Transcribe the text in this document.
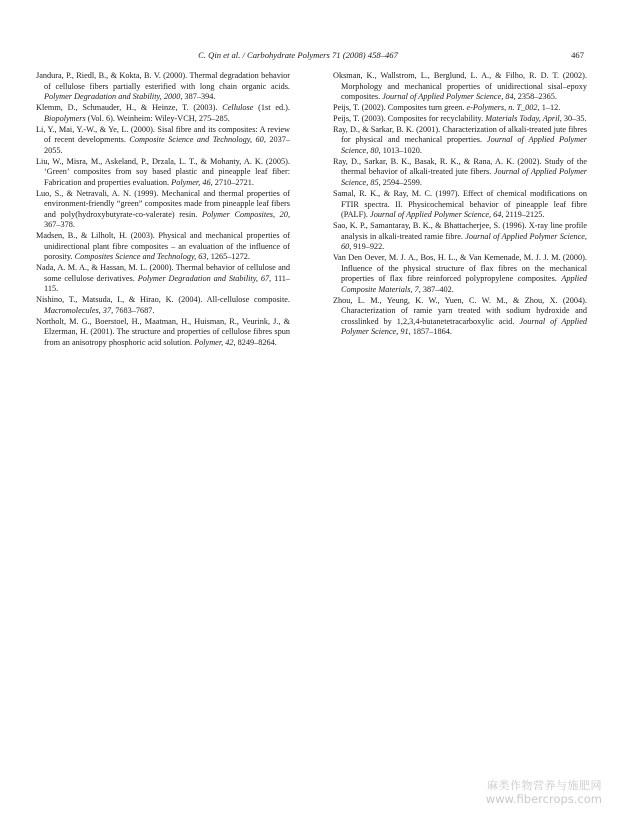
C. Qin et al. / Carbohydrate Polymers 71 (2008) 458–467	467

Jandura, P., Riedl, B., & Kokta, B. V. (2000). Thermal degradation behavior of cellulose fibers partially esterified with long chain organic acids. Polymer Degradation and Stability, 2000, 387–394.

Klemm, D., Schmauder, H., & Heinze, T. (2003). Cellulose (1st ed.). Biopolymers (Vol. 6). Weinheim: Wiley-VCH, 275–285.

Li, Y., Mai, Y.-W., & Ye, L. (2000). Sisal fibre and its composites: A review of recent developments. Composite Science and Technology, 60, 2037–2055.

Liu, W., Misra, M., Askeland, P., Drzala, L. T., & Mohanty, A. K. (2005). ‘Green’ composites from soy based plastic and pineapple leaf fiber: Fabrication and properties evaluation. Polymer, 46, 2710–2721.

Luo, S., & Netravali, A. N. (1999). Mechanical and thermal properties of environment-friendly “green” composites made from pineapple leaf fibers and poly(hydroxybutyrate-co-valerate) resin. Polymer Composites, 20, 367–378.

Madsen, B., & Lilholt, H. (2003). Physical and mechanical properties of unidirectional plant fibre composites – an evaluation of the influence of porosity. Composites Science and Technology, 63, 1265–1272.

Nada, A. M. A., & Hassan, M. L. (2000). Thermal behavior of cellulose and some cellulose derivatives. Polymer Degradation and Stability, 67, 111–115.

Nishino, T., Matsuda, I., & Hirao, K. (2004). All-cellulose composite. Macromolecules, 37, 7683–7687.

Northolt, M. G., Boerstoel, H., Maatman, H., Huisman, R., Veurink, J., & Elzerman, H. (2001). The structure and properties of cellulose fibres spun from an anisotropy phosphoric acid solution. Polymer, 42, 8249–8264.

Oksman, K., Wallstrom, L., Berglund, L. A., & Filho, R. D. T. (2002). Morphology and mechanical properties of unidirectional sisal–epoxy composites. Journal of Applied Polymer Science, 84, 2358–2365.

Peijs, T. (2002). Composites turn green. e-Polymers, n. T_002, 1–12.

Peijs, T. (2003). Composites for recyclability. Materials Today, April, 30–35.

Ray, D., & Sarkar, B. K. (2001). Characterization of alkali-treated jute fibres for physical and mechanical properties. Journal of Applied Polymer Science, 80, 1013–1020.

Ray, D., Sarkar, B. K., Basak, R. K., & Rana, A. K. (2002). Study of the thermal behavior of alkali-treated jute fibers. Journal of Applied Polymer Science, 85, 2594–2599.

Samal, R. K., & Ray, M. C. (1997). Effect of chemical modifications on FTIR spectra. II. Physicochemical behavior of pineapple leaf fibre (PALF). Journal of Applied Polymer Science, 64, 2119–2125.

Sao, K. P., Samantaray, B. K., & Bhattacherjee, S. (1996). X-ray line profile analysis in alkali-treated ramie fibre. Journal of Applied Polymer Science, 60, 919–922.

Van Den Oever, M. J. A., Bos, H. L., & Van Kemenade, M. J. J. M. (2000). Influence of the physical structure of flax fibres on the mechanical properties of flax fibre reinforced polypropylene composites. Applied Composite Materials, 7, 387–402.

Zhou, L. M., Yeung, K. W., Yuen, C. W. M., & Zhou, X. (2004). Characterization of ramie yarn treated with sodium hydroxide and crosslinked by 1,2,3,4-butanetetracarboxylic acid. Journal of Applied Polymer Science, 91, 1857–1864.

麻类作物营养与施肥网
www.fibercrops.com
